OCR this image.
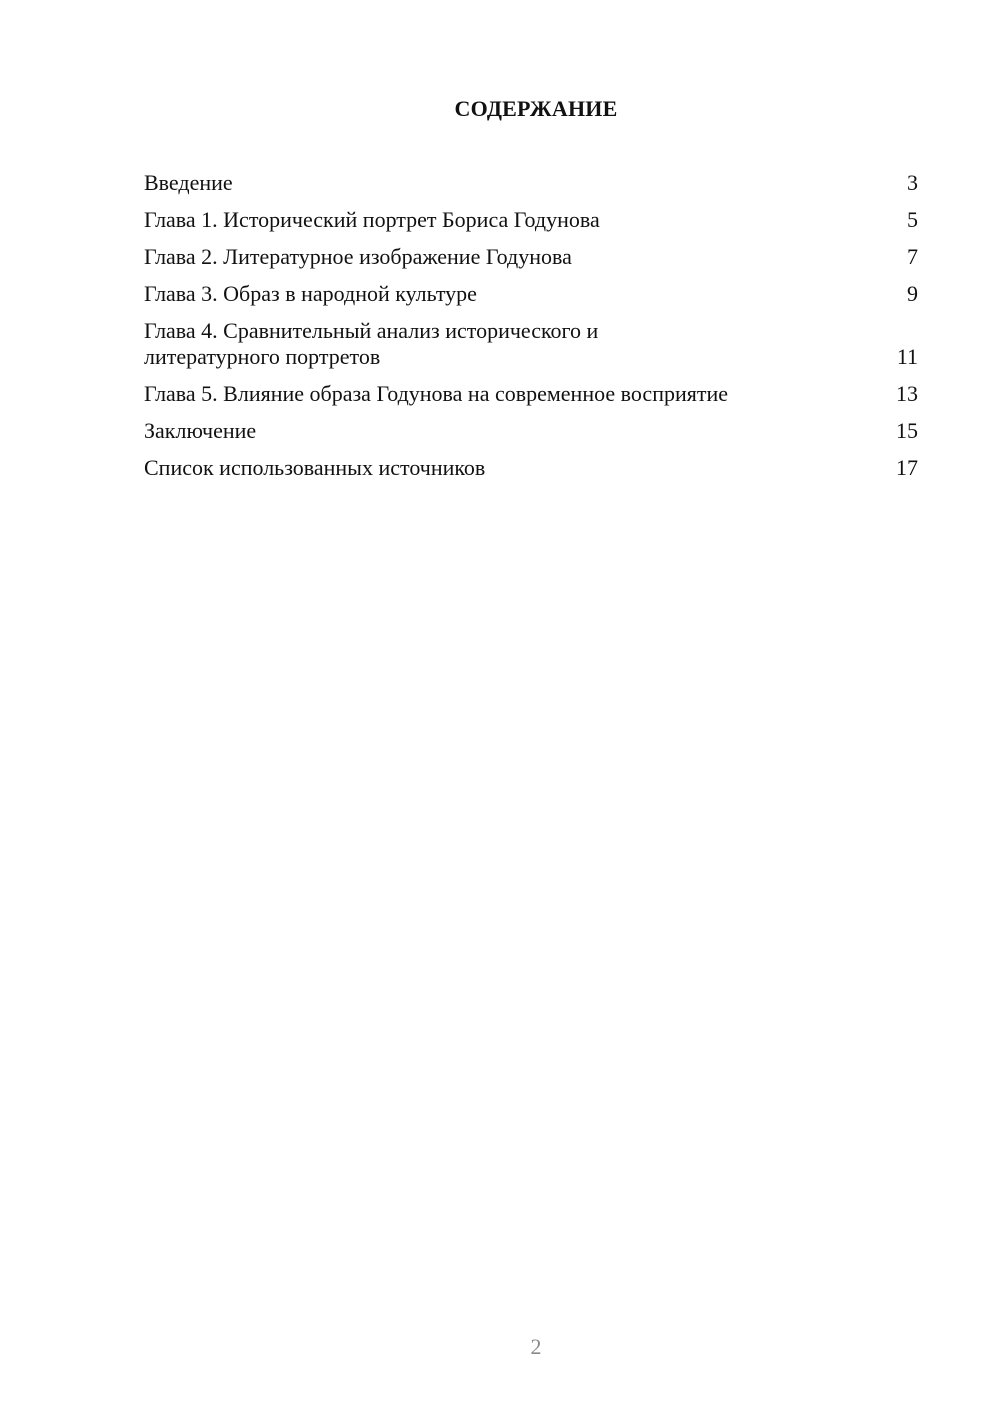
СОДЕРЖАНИЕ
Введение	3
Глава 1. Исторический портрет Бориса Годунова	5
Глава 2. Литературное изображение Годунова	7
Глава 3. Образ в народной культуре	9
Глава 4. Сравнительный анализ исторического и
литературного портретов	11
Глава 5. Влияние образа Годунова на современное восприятие	13
Заключение	15
Список использованных источников	17
2
